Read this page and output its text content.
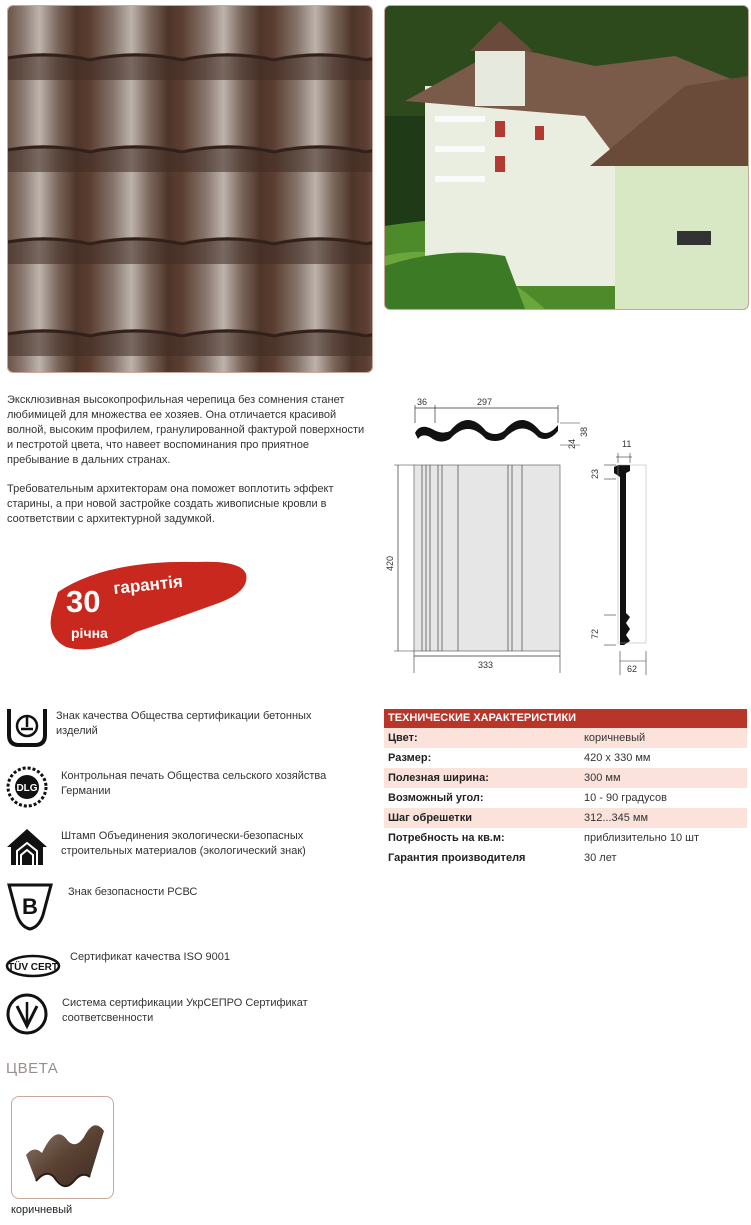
Эксклюзивная высокопрофильная черепица без сомнения станет любимицей для множества ее хозяев. Она отличается красивой волной, высоким профилем, гранулированной фактурой поверхности и пестротой цвета, что навеет воспоминания про приятное пребывание в дальних странах.
Требовательным архитекторам она поможет воплотить эффект старины, а при новой застройке создать живописные кровли в соответствии с архитектурной задумкой.
30 гарантія
річна
36	297
24
38
420
333
11
23
72
62
Знак качества Общества сертификации бетонных изделий
DLG
Контрольная печать Общества сельского хозяйства Германии
Штамп Объединения экологически-безопасных строительных материалов (экологический знак)
B
Знак безопасности РСВС
TÜV CERT
Сертификат качества ISO 9001
Система сертификации УкрСЕПРО Сертификат соответсвенности
ТЕХНИЧЕСКИЕ ХАРАКТЕРИСТИКИ
Цвет:	коричневый
Размер:	420 х 330 мм
Полезная ширина:	300 мм
Возможный угол:	10 - 90 градусов
Шаг обрешетки	312...345 мм
Потребность на кв.м:	приблизительно 10 шт
Гарантия производителя	30 лет
ЦВЕТА
коричневый
